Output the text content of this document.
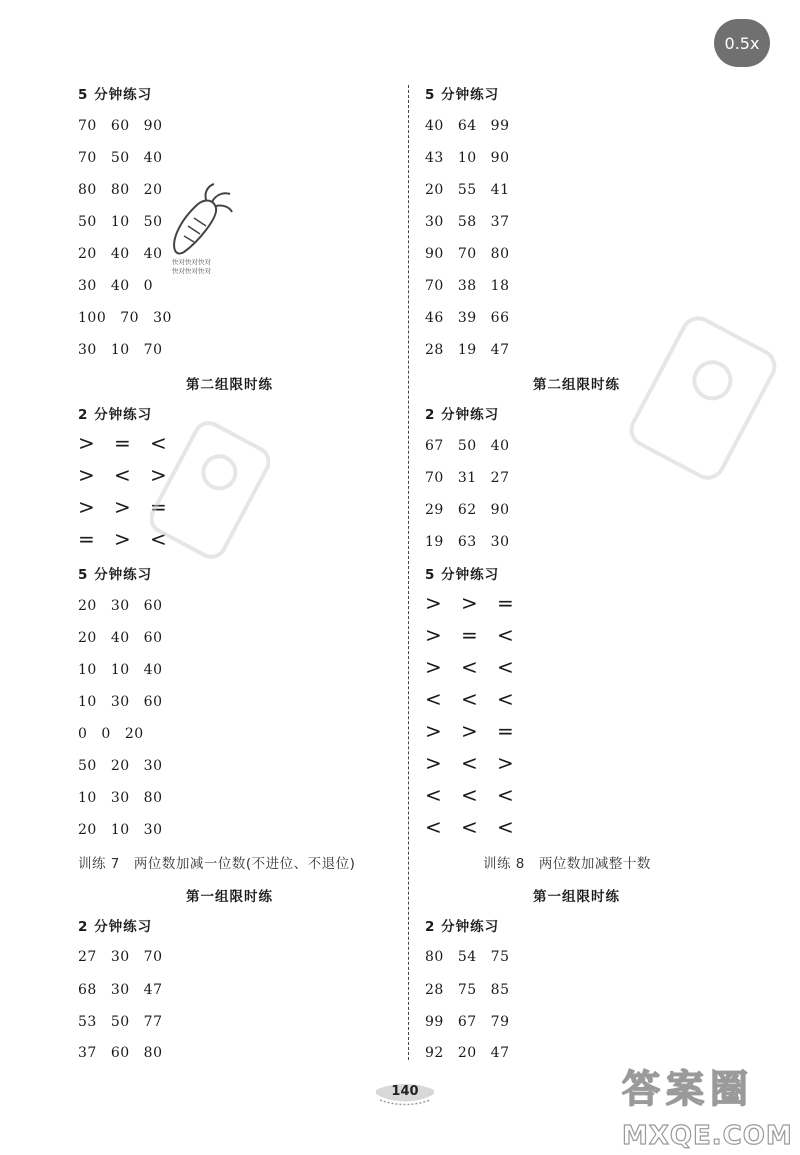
0.5x
5 分钟练习
70 60 90
70 50 40
80 80 20
50 10 50
20 40 40
30 40 0
100 70 30
30 10 70
第二组限时练
2 分钟练习
> = <
> < >
> > =
= > <
5 分钟练习
20 30 60
20 40 60
10 10 40
10 30 60
0 0 20
50 20 30
10 30 80
20 10 30
训练 7　两位数加减一位数(不进位、不退位)
第一组限时练
2 分钟练习
27 30 70
68 30 47
53 50 77
37 60 80
5 分钟练习
40 64 99
43 10 90
20 55 41
30 58 37
90 70 80
70 38 18
46 39 66
28 19 47
第二组限时练
2 分钟练习
67 50 40
70 31 27
29 62 90
19 63 30
5 分钟练习
> > =
> = <
> < <
< < <
> > =
> < >
< < <
< < <
训练 8　两位数加减整十数
第一组限时练
2 分钟练习
80 54 75
28 75 85
99 67 79
92 20 47
快对快对快对
快对快对快对
140	答案圈
MXQE.COM
